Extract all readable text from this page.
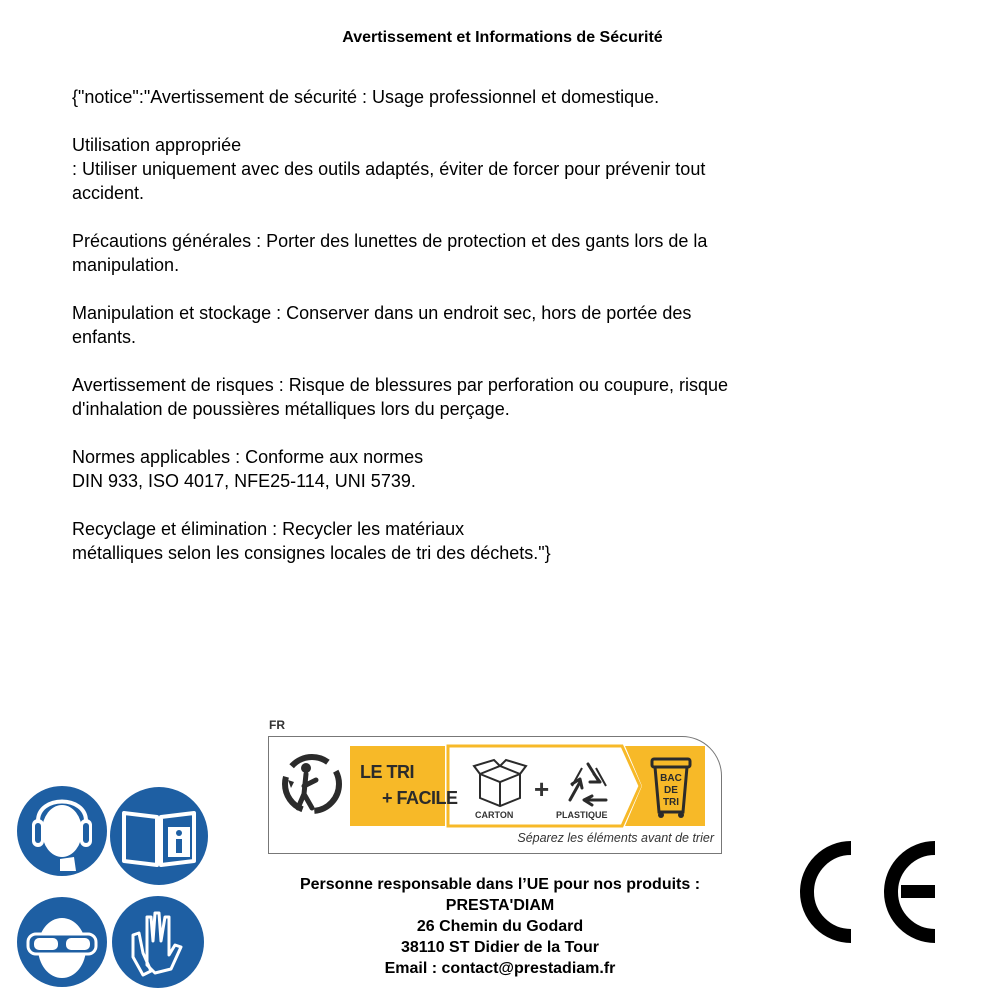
Avertissement et Informations de Sécurité

{"notice":"Avertissement de sécurité : Usage professionnel et domestique.

Utilisation appropriée
: Utiliser uniquement avec des outils adaptés, éviter de forcer pour prévenir tout
accident.

Précautions générales : Porter des lunettes de protection et des gants lors de la
manipulation.

Manipulation et stockage : Conserver dans un endroit sec, hors de portée des
enfants.

Avertissement de risques : Risque de blessures par perforation ou coupure, risque
d'inhalation de poussières métalliques lors du perçage.

Normes applicables : Conforme aux normes
DIN 933, ISO 4017, NFE25-114, UNI 5739.

Recyclage et élimination : Recycler les matériaux
métalliques selon les consignes locales de tri des déchets."}

FR
LE TRI
+ FACILE
CARTON
+
PLASTIQUE
BAC
DE
TRI
Séparez les éléments avant de trier
Personne responsable dans l’UE pour nos produits :
PRESTA'DIAM
26 Chemin du Godard
38110 ST Didier de la Tour
Email : contact@prestadiam.fr
